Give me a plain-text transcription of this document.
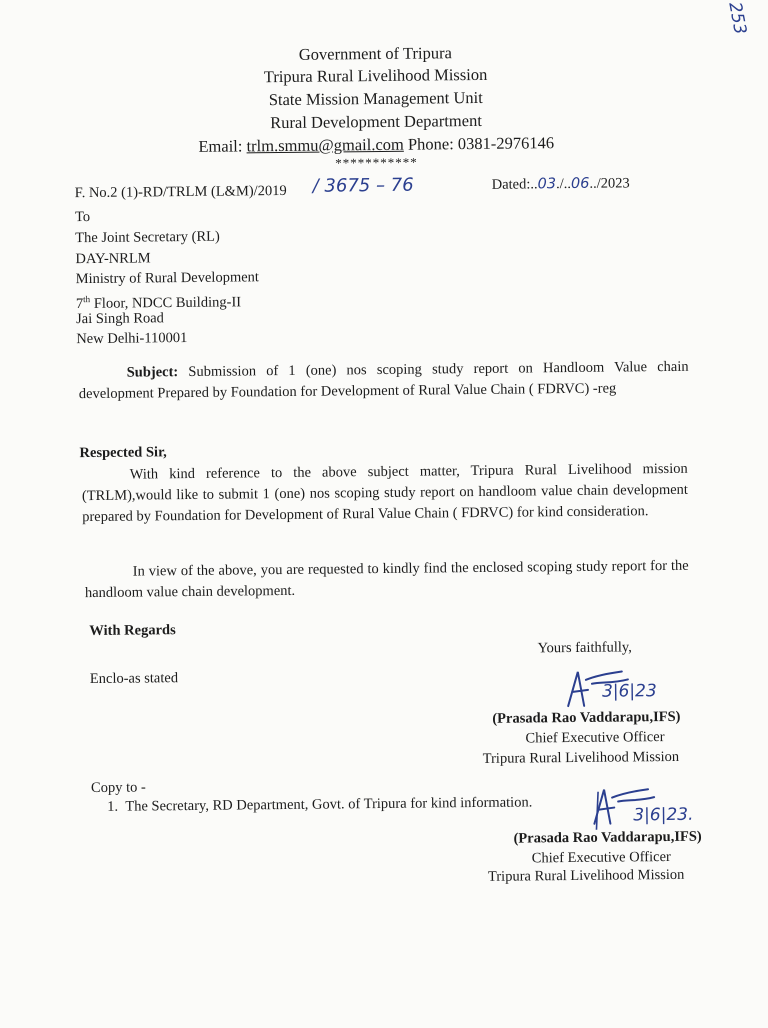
253
Government of Tripura
Tripura Rural Livelihood Mission
State Mission Management Unit
Rural Development Department
Email: trlm.smmu@gmail.com Phone: 0381-2976146
***********
F. No.2 (1)-RD/TRLM (L&M)/2019 / 3675 – 76	Dated:..03./..06../2023
To
The Joint Secretary (RL)
DAY-NRLM
Ministry of Rural Development
7th Floor, NDCC Building-II
Jai Singh Road
New Delhi-110001
Subject: Submission of 1 (one) nos scoping study report on Handloom Value chain development Prepared by Foundation for Development of Rural Value Chain ( FDRVC) -reg
Respected Sir,
With kind reference to the above subject matter, Tripura Rural Livelihood mission (TRLM),would like to submit 1 (one) nos scoping study report on handloom value chain development prepared by Foundation for Development of Rural Value Chain ( FDRVC) for kind consideration.
In view of the above, you are requested to kindly find the enclosed scoping study report for the handloom value chain development.
With Regards
Yours faithfully,
Enclo-as stated
3|6|23
(Prasada Rao Vaddarapu,IFS)
Chief Executive Officer
Tripura Rural Livelihood Mission
Copy to -
1. The Secretary, RD Department, Govt. of Tripura for kind information.
3|6|23.
(Prasada Rao Vaddarapu,IFS)
Chief Executive Officer
Tripura Rural Livelihood Mission
